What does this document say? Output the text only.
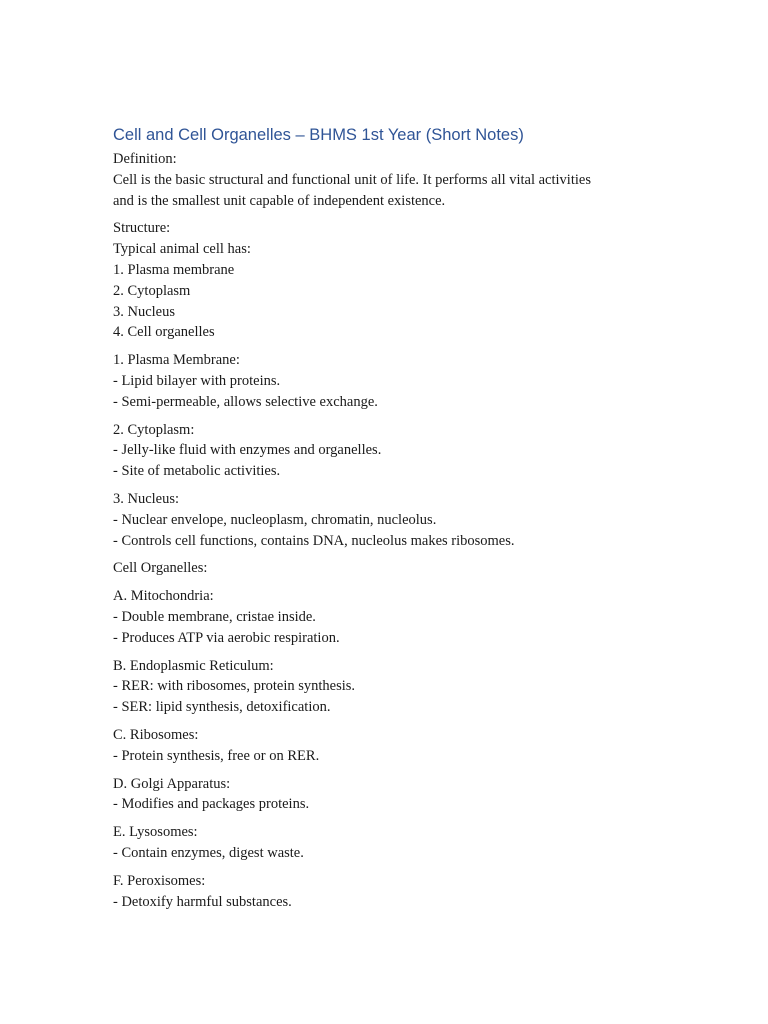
Cell and Cell Organelles – BHMS 1st Year (Short Notes)
Definition:
Cell is the basic structural and functional unit of life. It performs all vital activities
and is the smallest unit capable of independent existence.
Structure:
Typical animal cell has:
1. Plasma membrane
2. Cytoplasm
3. Nucleus
4. Cell organelles
1. Plasma Membrane:
- Lipid bilayer with proteins.
- Semi-permeable, allows selective exchange.
2. Cytoplasm:
- Jelly-like fluid with enzymes and organelles.
- Site of metabolic activities.
3. Nucleus:
- Nuclear envelope, nucleoplasm, chromatin, nucleolus.
- Controls cell functions, contains DNA, nucleolus makes ribosomes.
Cell Organelles:
A. Mitochondria:
- Double membrane, cristae inside.
- Produces ATP via aerobic respiration.
B. Endoplasmic Reticulum:
- RER: with ribosomes, protein synthesis.
- SER: lipid synthesis, detoxification.
C. Ribosomes:
- Protein synthesis, free or on RER.
D. Golgi Apparatus:
- Modifies and packages proteins.
E. Lysosomes:
- Contain enzymes, digest waste.
F. Peroxisomes:
- Detoxify harmful substances.
